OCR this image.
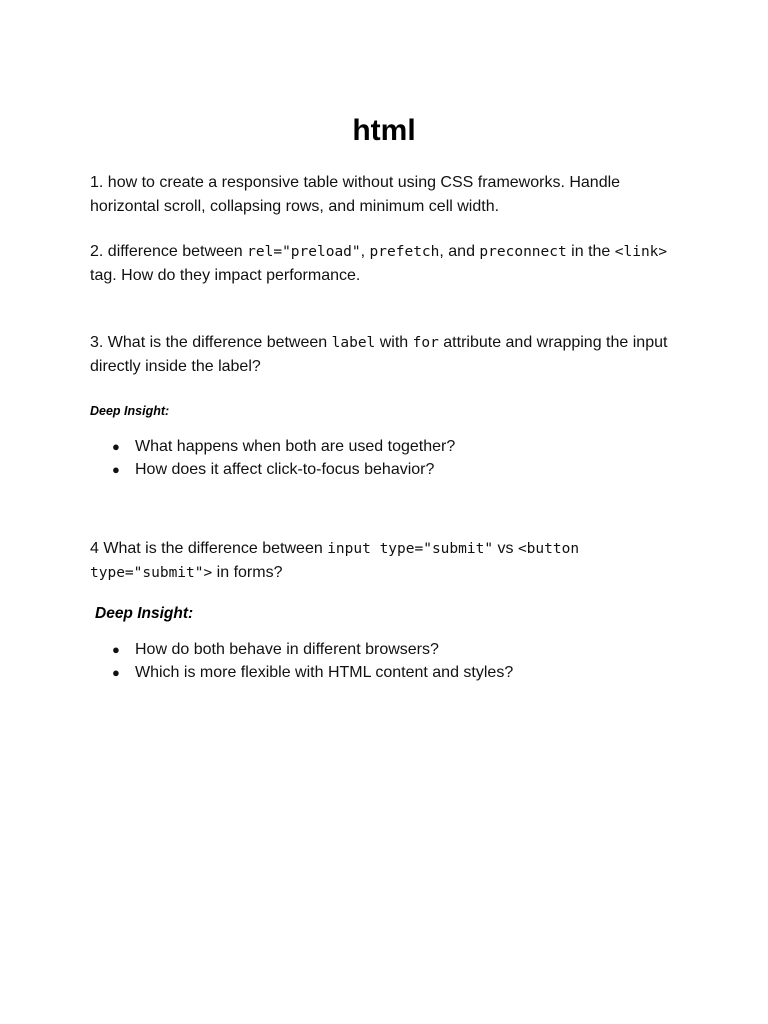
html
1. how to create a responsive table without using CSS frameworks. Handle horizontal scroll, collapsing rows, and minimum cell width.
2. difference between rel="preload", prefetch, and preconnect in the <link> tag. How do they impact performance.
3. What is the difference between label with for attribute and wrapping the input directly inside the label?
Deep Insight:
● What happens when both are used together?
● How does it affect click-to-focus behavior?
4 What is the difference between input type="submit" vs <button type="submit"> in forms?
Deep Insight:
● How do both behave in different browsers?
● Which is more flexible with HTML content and styles?
